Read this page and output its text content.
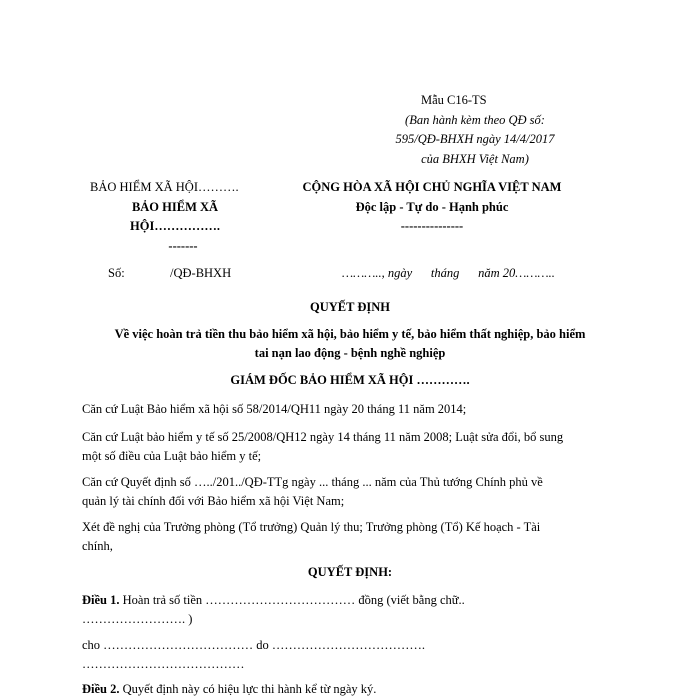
Mẫu C16-TS
(Ban hành kèm theo QĐ số:
595/QĐ-BHXH ngày 14/4/2017
của BHXH Việt Nam)
BẢO HIỂM XÃ HỘI……….
BẢO HIỂM XÃ
HỘI…………….
-------
CỘNG HÒA XÃ HỘI CHỦ NGHĨA VIỆT NAM
Độc lập - Tự do - Hạnh phúc
---------------
Số:	/QĐ-BHXH	……….., ngày      tháng      năm 20………..
QUYẾT ĐỊNH
Về việc hoàn trả tiền thu bảo hiểm xã hội, bảo hiểm y tế, bảo hiểm thất nghiệp, bảo hiểm
tai nạn lao động - bệnh nghề nghiệp
GIÁM ĐỐC BẢO HIỂM XÃ HỘI ………….
Căn cứ Luật Bảo hiểm xã hội số 58/2014/QH11 ngày 20 tháng 11 năm 2014;
Căn cứ Luật bảo hiểm y tế số 25/2008/QH12 ngày 14 tháng 11 năm 2008; Luật sửa đổi, bổ sung
một số điều của Luật bảo hiểm y tế;
Căn cứ Quyết định số …../201../QĐ-TTg ngày ... tháng ... năm của Thủ tướng Chính phủ về
quản lý tài chính đối với Bảo hiểm xã hội Việt Nam;
Xét đề nghị của Trưởng phòng (Tổ trưởng) Quản lý thu; Trưởng phòng (Tổ) Kế hoạch - Tài
chính,
QUYẾT ĐỊNH:
Điều 1. Hoàn trả số tiền ……………………………… đồng (viết bằng chữ..
……………………. )
cho ……………………………… do ……………………………….
…………………………………
Điều 2. Quyết định này có hiệu lực thi hành kể từ ngày ký.
